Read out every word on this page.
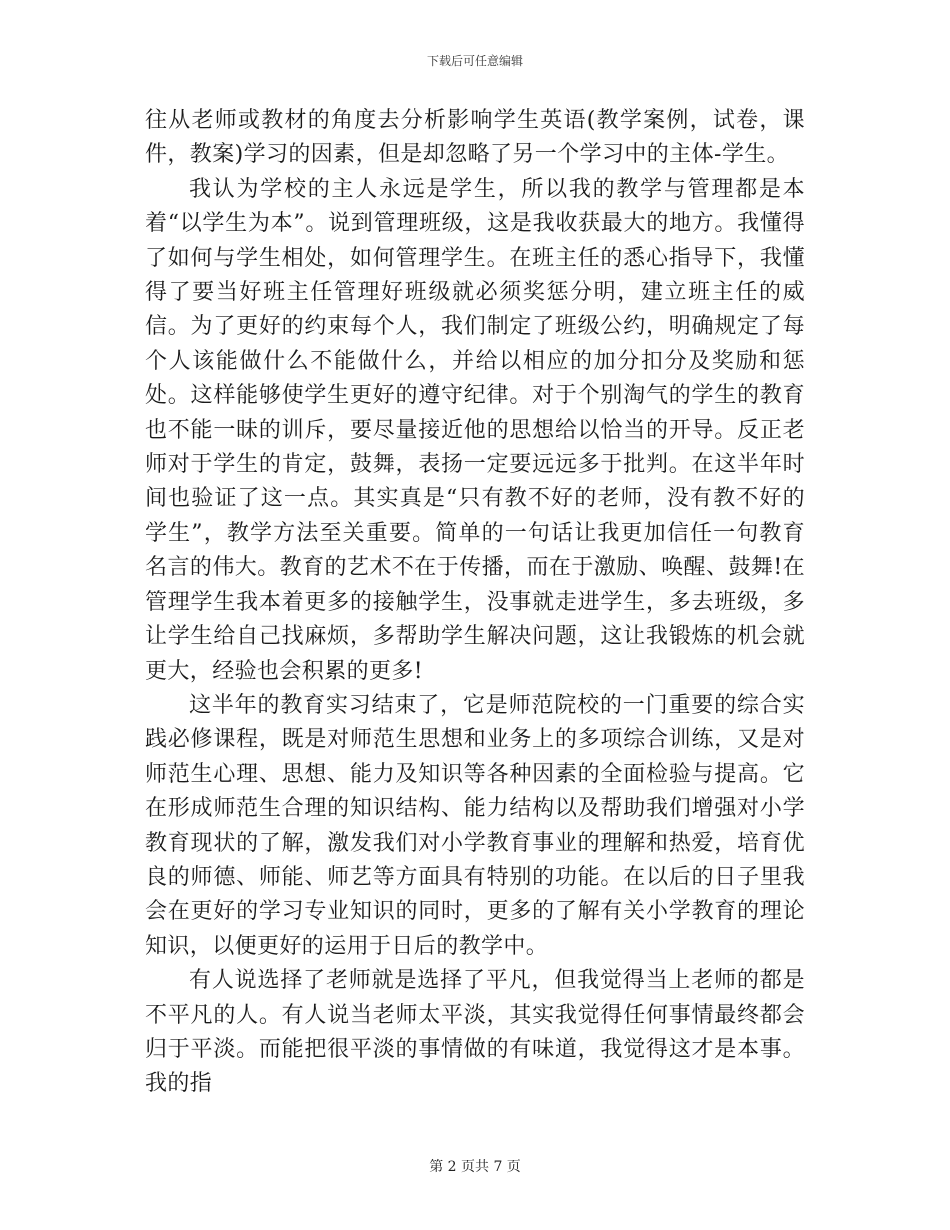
下载后可任意编辑

往从老师或教材的角度去分析影响学生英语(教学案例，试卷，课件，教案)学习的因素，但是却忽略了另一个学习中的主体-学生。

我认为学校的主人永远是学生，所以我的教学与管理都是本着“以学生为本”。说到管理班级，这是我收获最大的地方。我懂得了如何与学生相处，如何管理学生。在班主任的悉心指导下，我懂得了要当好班主任管理好班级就必须奖惩分明，建立班主任的威信。为了更好的约束每个人，我们制定了班级公约，明确规定了每个人该能做什么不能做什么，并给以相应的加分扣分及奖励和惩处。这样能够使学生更好的遵守纪律。对于个别淘气的学生的教育也不能一昧的训斥，要尽量接近他的思想给以恰当的开导。反正老师对于学生的肯定，鼓舞，表扬一定要远远多于批判。在这半年时间也验证了这一点。其实真是“只有教不好的老师，没有教不好的学生”，教学方法至关重要。简单的一句话让我更加信任一句教育名言的伟大。教育的艺术不在于传播，而在于激励、唤醒、鼓舞!在管理学生我本着更多的接触学生，没事就走进学生，多去班级，多让学生给自己找麻烦，多帮助学生解决问题，这让我锻炼的机会就更大，经验也会积累的更多!

这半年的教育实习结束了，它是师范院校的一门重要的综合实践必修课程，既是对师范生思想和业务上的多项综合训练，又是对师范生心理、思想、能力及知识等各种因素的全面检验与提高。它在形成师范生合理的知识结构、能力结构以及帮助我们增强对小学教育现状的了解，激发我们对小学教育事业的理解和热爱，培育优良的师德、师能、师艺等方面具有特别的功能。在以后的日子里我会在更好的学习专业知识的同时，更多的了解有关小学教育的理论知识，以便更好的运用于日后的教学中。

有人说选择了老师就是选择了平凡，但我觉得当上老师的都是不平凡的人。有人说当老师太平淡，其实我觉得任何事情最终都会归于平淡。而能把很平淡的事情做的有味道，我觉得这才是本事。我的指

第 2 页共 7 页
